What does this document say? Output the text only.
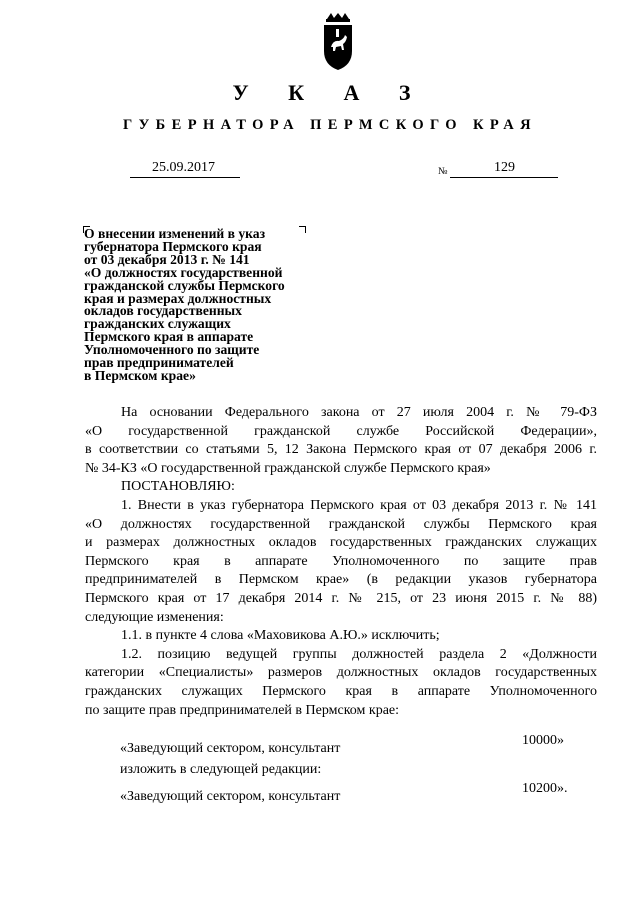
У К А З
ГУБЕРНАТОРА ПЕРМСКОГО КРАЯ
25.09.2017	№	129
О внесении изменений в указ
губернатора Пермского края
от 03 декабря 2013 г. № 141
«О должностях государственной
гражданской службы Пермского
края и размерах должностных
окладов государственных
гражданских служащих
Пермского края в аппарате
Уполномоченного по защите
прав предпринимателей
в Пермском крае»
На основании Федерального закона от 27 июля 2004 г. № 79-ФЗ
«О государственной гражданской службе Российской Федерации»,
в соответствии со статьями 5, 12 Закона Пермского края от 07 декабря 2006 г.
№ 34-КЗ «О государственной гражданской службе Пермского края»
ПОСТАНОВЛЯЮ:
1. Внести в указ губернатора Пермского края от 03 декабря 2013 г. № 141
«О должностях государственной гражданской службы Пермского края
и размерах должностных окладов государственных гражданских служащих
Пермского края в аппарате Уполномоченного по защите прав
предпринимателей в Пермском крае» (в редакции указов губернатора
Пермского края от 17 декабря 2014 г. № 215, от 23 июня 2015 г. № 88)
следующие изменения:
1.1. в пункте 4 слова «Маховикова А.Ю.» исключить;
1.2. позицию ведущей группы должностей раздела 2 «Должности
категории «Специалисты» размеров должностных окладов государственных
гражданских служащих Пермского края в аппарате Уполномоченного
по защите прав предпринимателей в Пермском крае:
«Заведующий сектором, консультант
10000»
изложить в следующей редакции:
«Заведующий сектором, консультант
10200».
